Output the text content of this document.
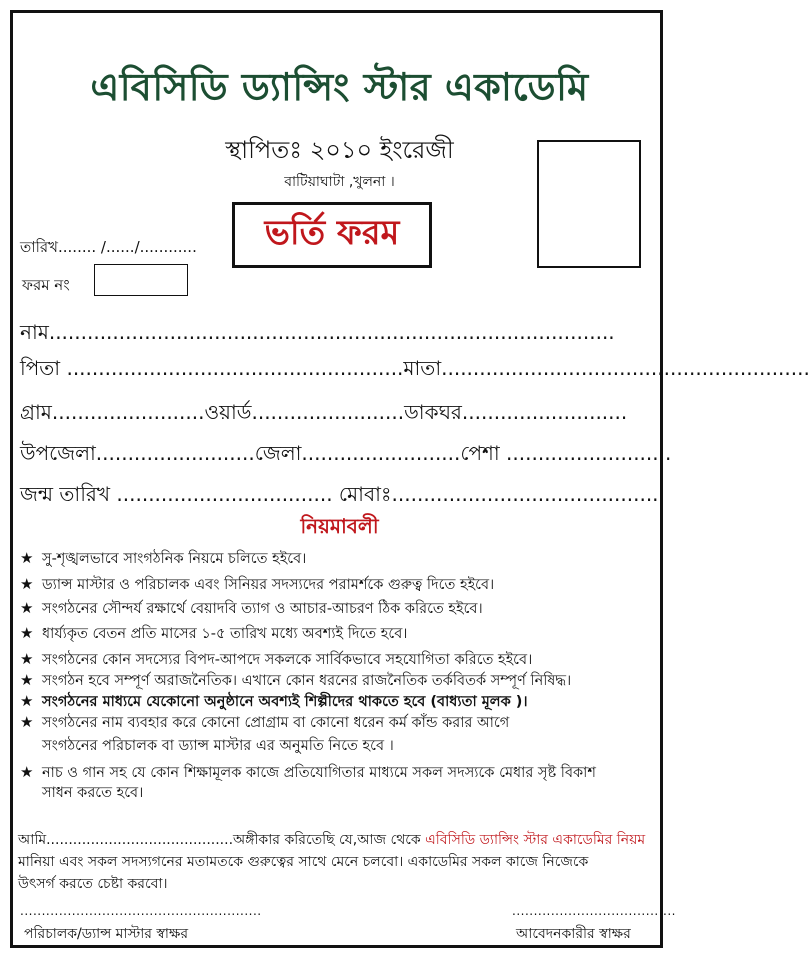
এবিসিডি ড্যান্সিং স্টার একাডেমি
স্থাপিতঃ ২০১০ ইংরেজী
বাটিয়াঘাটা ,খুলনা ।
ভর্তি ফরম
তারিখ........ /....../............
ফরম নং
নাম.........................................................................................
পিতা .....................................................মাতা..........................................................
গ্রাম........................ওয়ার্ড........................ডাকঘর..........................
উপজেলা.........................জেলা.........................পেশা ..........................
জন্ম তারিখ .................................. মোবাঃ..........................................
নিয়মাবলী
★ সু-শৃঙ্খলভাবে সাংগঠনিক নিয়মে চলিতে হইবে।
★ ড্যান্স মাস্টার ও পরিচালক এবং সিনিয়র সদস্যদের পরামর্শকে গুরুত্ব দিতে হইবে।
★ সংগঠনের সৌন্দর্য রক্ষার্থে বেয়াদবি ত্যাগ ও আচার-আচরণ ঠিক করিতে হইবে।
★ ধার্য্যকৃত বেতন প্রতি মাসের ১-৫ তারিখ মধ্যে অবশ্যই দিতে হবে।
★ সংগঠনের কোন সদস্যের বিপদ-আপদে সকলকে সার্বিকভাবে সহযোগিতা করিতে হইবে।
★ সংগঠন হবে সম্পূর্ণ অরাজনৈতিক। এখানে কোন ধরনের রাজনৈতিক তর্কবিতর্ক সম্পূর্ণ নিষিদ্ধ।
★ সংগঠনের মাধ্যমে যেকোনো অনুষ্ঠানে অবশ্যই শিল্পীদের থাকতে হবে (বাধ্যতা মূলক )।
★ সংগঠনের নাম ব্যবহার করে কোনো প্রোগ্রাম বা কোনো ধরেন কর্ম কাঁন্ড করার আগে
সংগঠনের পরিচালক বা ড্যান্স মাস্টার এর অনুমতি নিতে হবে ।
★ নাচ ও গান সহ যে কোন শিক্ষামূলক কাজে প্রতিযোগিতার মাধ্যমে সকল সদস্যকে মেধার সৃষ্ট বিকাশ
সাধন করতে হবে।
আমি..........................................অঙ্গীকার করিতেছি যে,আজ থেকে এবিসিডি ড্যান্সিং স্টার একাডেমির নিয়ম
মানিয়া এবং সকল সদস্যগনের মতামতকে গুরুত্বের সাথে মেনে চলবো। একাডেমির সকল কাজে নিজেকে
উৎসর্গ করতে চেষ্টা করবো।
........................................................
পরিচালক/ড্যান্স মাস্টার স্বাক্ষর
......................................
আবেদনকারীর স্বাক্ষর
